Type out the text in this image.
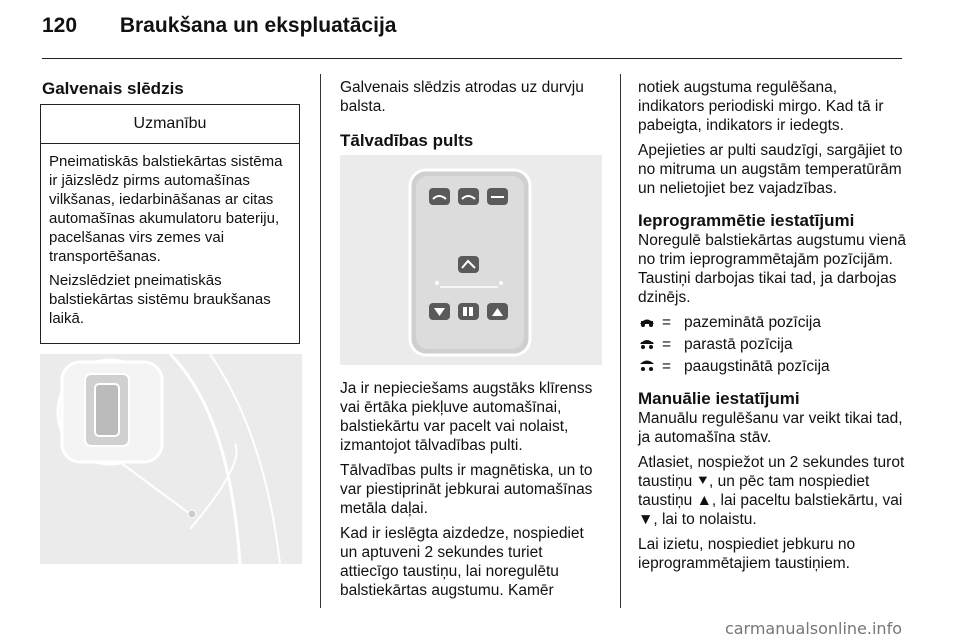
120 Braukšana un ekspluatācija
Galvenais slēdzis
Uzmanību

Pneimatiskās balstiekārtas sistēma ir jāizslēdz pirms automašīnas vilkšanas, iedarbināšanas ar citas automašīnas akumulatoru bateriju, pacelšanas virs zemes vai transportēšanas.

Neizslēdziet pneimatiskās balstiekārtas sistēmu braukšanas laikā.

Galvenais slēdzis atrodas uz durvju balsta.

Tālvadības pults

Ja ir nepieciešams augstāks klīrenss vai ērtāka piekļuve automašīnai, balstiekārtu var pacelt vai nolaist, izmantojot tālvadības pulti.

Tālvadības pults ir magnētiska, un to var piestiprināt jebkurai automašīnas metāla daļai.

Kad ir ieslēgta aizdedze, nospiediet un aptuveni 2 sekundes turiet attiecīgo taustiņu, lai noregulētu balstiekārtas augstumu. Kamēr

notiek augstuma regulēšana, indikators periodiski mirgo. Kad tā ir pabeigta, indikators ir iedegts.

Apejieties ar pulti saudzīgi, sargājiet to no mitruma un augstām temperatūrām un nelietojiet bez vajadzības.

Ieprogrammētie iestatījumi

Noregulē balstiekārtas augstumu vienā no trim ieprogrammētajām pozīcijām. Taustiņi darbojas tikai tad, ja darbojas dzinējs.

= pazeminātā pozīcija
= parastā pozīcija
= paaugstinātā pozīcija
Manuālie iestatījumi

Manuālu regulēšanu var veikt tikai tad, ja automašīna stāv.

Atlasiet, nospiežot un 2 sekundes turot taustiņu ⯆, un pēc tam nospiediet taustiņu ▲, lai paceltu balstiekārtu, vai ▼, lai to nolaistu.

Lai izietu, nospiediet jebkuru no ieprogrammētajiem taustiņiem.

carmanualsonline.info
